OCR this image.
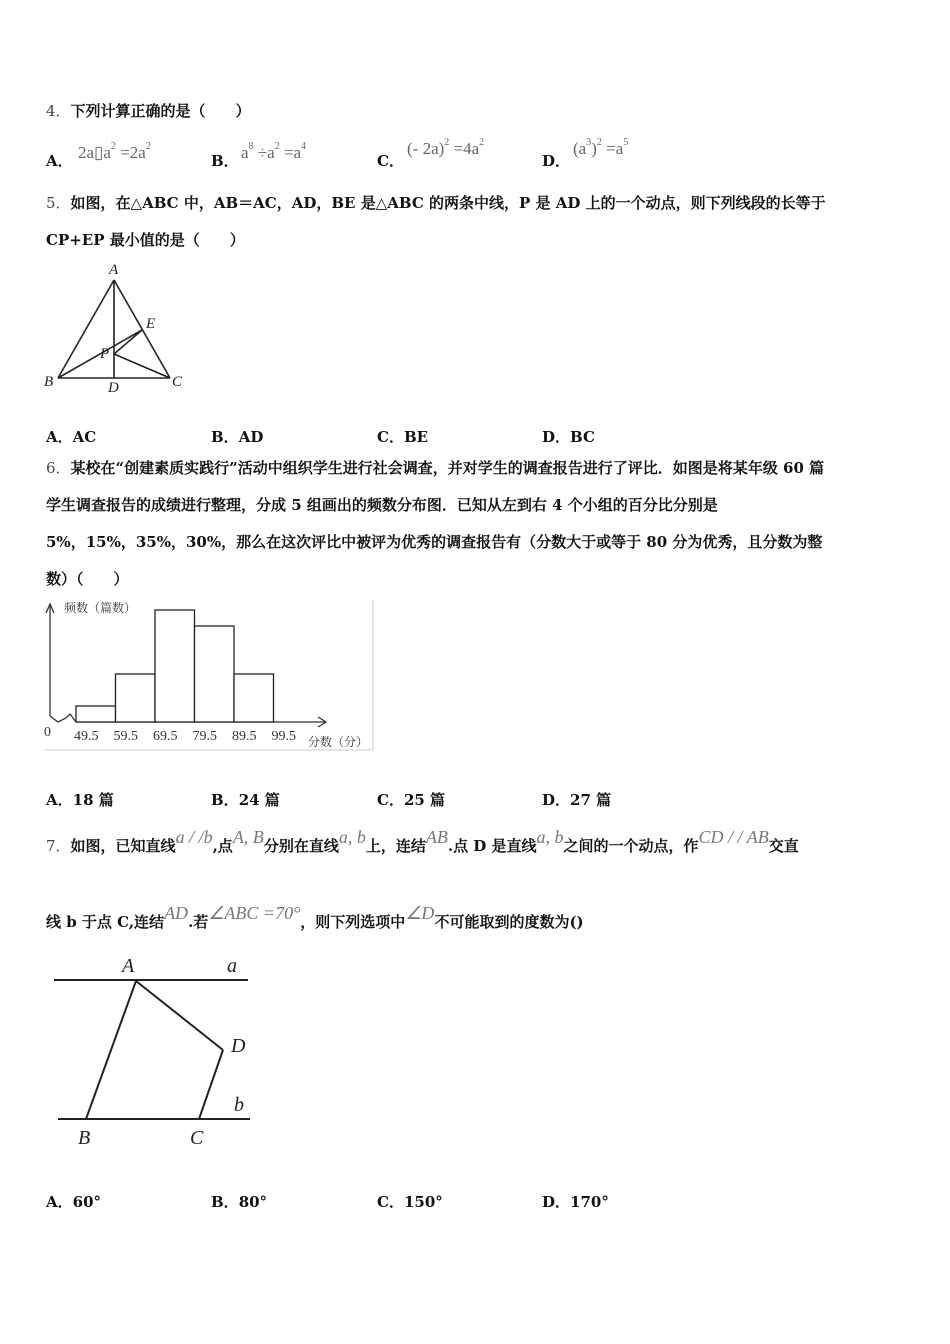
4．下列计算正确的是（　　）
A． $2a▯a^2 =2a^2$
B． $a^8 \div a^2 =a^4$
C．
(- $2a)^2 =4a^2$
D．
$(a^3)^2 =a^5$
5．如图，在△ABC 中，AB＝AC，AD，BE 是△ABC 的两条中线，P 是 AD 上的一个动点，则下列线段的长等于
CP+EP 最小值的是（　　）
A
B	C
D
E
P
A．AC	B．AD	C．BE	D．BC
6．某校在“创建素质实践行”活动中组织学生进行社会调查，并对学生的调查报告进行了评比．如图是将某年级 60 篇
学生调查报告的成绩进行整理，分成 5 组画出的频数分布图．已知从左到右 4 个小组的百分比分别是
5%，15%，35%，30%，那么在这次评比中被评为优秀的调查报告有（分数大于或等于 80 分为优秀，且分数为整
数）（　　）
49.5 59.5 69.5 79.5 89.5 99.5
0
频数（篇数）
分数（分）
A．18 篇	B．24 篇	C．25 篇	D．27 篇
7．如图，已知直线a / /b,点A, B分别在直线a, b上，连结AB.点 D 是直线a, b之间的一个动点，作CD / / AB交直
线 b 于点 C,连结AD.若∠ABC =70°，则下列选项中∠D不可能取到的度数为()
A
B	C
D
a
b
A．60°	B．80°	C．150°	D．170°
